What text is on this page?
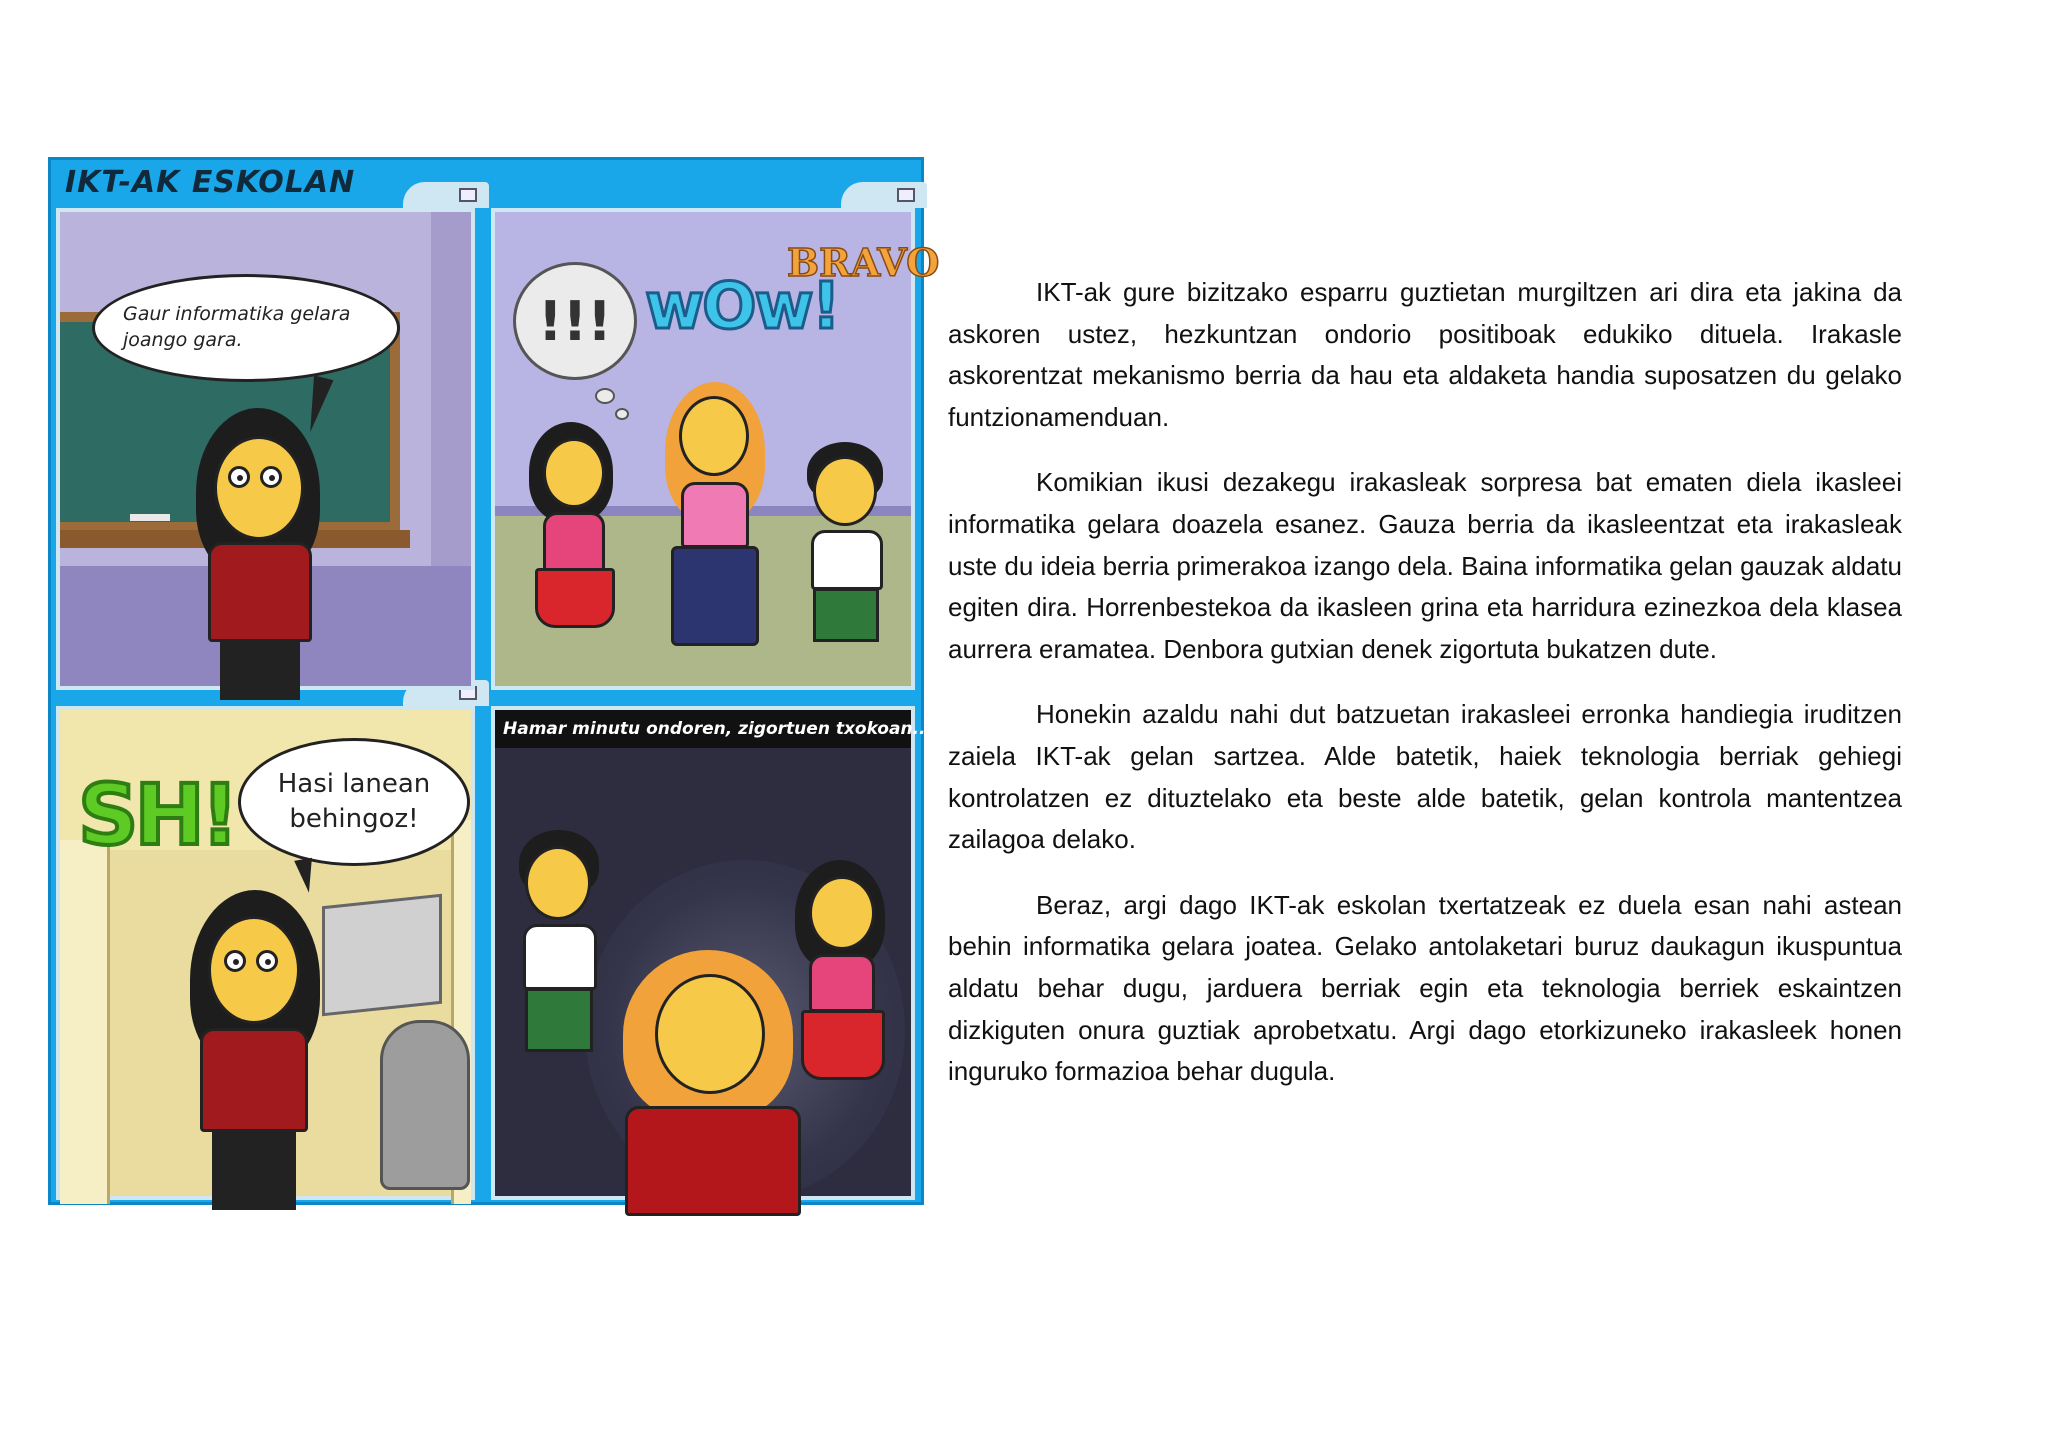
IKT-AK ESKOLAN
Gaur informatika gelara joango gara.	!!! wOw!
BRAVO
SH!	Hasi lanean behingoz!
Hamar minutu ondoren, zigortuen txokoan...

IKT-ak gure bizitzako esparru guztietan murgiltzen ari dira eta jakina da askoren ustez, hezkuntzan ondorio positiboak edukiko dituela. Irakasle askorentzat mekanismo berria da hau eta aldaketa handia suposatzen du gelako funtzionamenduan.

Komikian ikusi dezakegu irakasleak sorpresa bat ematen diela ikasleei informatika gelara doazela esanez. Gauza berria da ikasleentzat eta irakasleak uste du ideia berria primerakoa izango dela. Baina informatika gelan gauzak aldatu egiten dira. Horrenbestekoa da ikasleen grina eta harridura ezinezkoa dela klasea aurrera eramatea. Denbora gutxian denek zigortuta bukatzen dute.

Honekin azaldu nahi dut batzuetan irakasleei erronka handiegia iruditzen zaiela IKT-ak gelan sartzea. Alde batetik, haiek teknologia berriak gehiegi kontrolatzen ez dituztelako eta beste alde batetik, gelan kontrola mantentzea zailagoa delako.

Beraz, argi dago IKT-ak eskolan txertatzeak ez duela esan nahi astean behin informatika gelara joatea. Gelako antolaketari buruz daukagun ikuspuntua aldatu behar dugu, jarduera berriak egin eta teknologia berriek eskaintzen dizkiguten onura guztiak aprobetxatu. Argi dago etorkizuneko irakasleek honen inguruko formazioa behar dugula.
